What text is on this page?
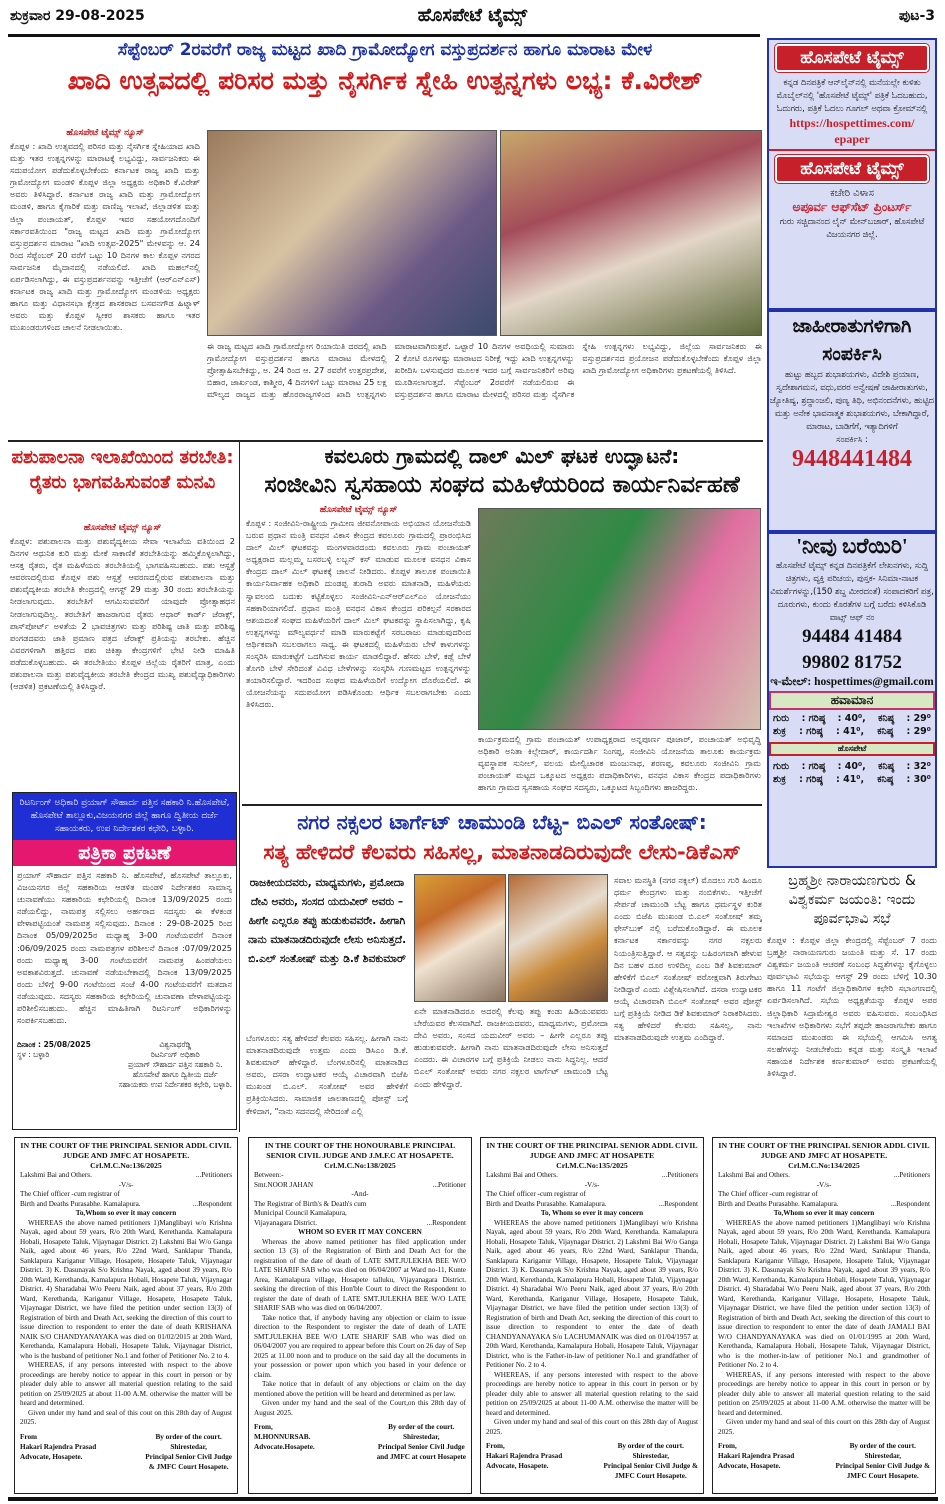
ಶುಕ್ರವಾರ 29-08-2025	ಹೊಸಪೇಟೆ ಟೈಮ್ಸ್	ಪುಟ-3
ಸೆಪ್ಟೆಂಬರ್ 2ರವರೆಗೆ ರಾಜ್ಯ ಮಟ್ಟದ ಖಾದಿ ಗ್ರಾಮೋದ್ಯೋಗ ವಸ್ತುಪ್ರದರ್ಶನ ಹಾಗೂ ಮಾರಾಟ ಮೇಳ
ಖಾದಿ ಉತ್ಸವದಲ್ಲಿ ಪರಿಸರ ಮತ್ತು ನೈಸರ್ಗಿಕ ಸ್ನೇಹಿ ಉತ್ಪನ್ನಗಳು ಲಭ್ಯ: ಕೆ.ವಿರೇಶ್
ಹೊಸಪೇಟೆ ಟೈಮ್ಸ್ ನ್ಯೂಸ್
ಕೊಪ್ಪಳ : ಖಾದಿ ಉತ್ಸವದಲ್ಲಿ ಪರಿಸರ ಮತ್ತು ನೈಸರ್ಗಿಕ ಸ್ನೇಹಿಯಾದ ಖಾದಿ ಮತ್ತು ಇತರ ಉತ್ಪನ್ನಗಳನ್ನು ಮಾರಾಟಕ್ಕೆ ಲಭ್ಯವಿದ್ದು, ಸಾರ್ವಜನಿಕರು ಈ ಸದುಪಯೋಗ ಪಡೆದುಕೊಳ್ಳಬೇಕೆಂದು ಕರ್ನಾಟಕ ರಾಜ್ಯ ಖಾದಿ ಮತ್ತು ಗ್ರಾಮೋದ್ಯೋಗ ಮಂಡಳಿ ಕೊಪ್ಪಳ ಜಿಲ್ಲಾ ಅಧ್ಯಕ್ಷರು ಅಧಿಕಾರಿ ಕೆ.ವಿರೇಶ್ ಅವರು ತಿಳಿಸಿದ್ದಾರೆ. ಕರ್ನಾಟಕ ರಾಜ್ಯ ಖಾದಿ ಮತ್ತು ಗ್ರಾಮೋದ್ಯೋಗ ಮಂಡಳಿ, ಹಾಗೂ ಕೈಗಾರಿಕೆ ಮತ್ತು ವಾಣಿಜ್ಯ ಇಲಾಖೆ, ಜಿಲ್ಲಾಡಳಿತ ಮತ್ತು ಜಿಲ್ಲಾ ಪಂಚಾಯತ್, ಕೊಪ್ಪಳ ಇವರ ಸಹಯೋಗದೊಂದಿಗೆ ಸರ್ಕಾರವತಿಯಿಂದ "ರಾಜ್ಯ ಮಟ್ಟದ ಖಾದಿ ಮತ್ತು ಗ್ರಾಮೋದ್ಯೋಗ ವಸ್ತುಪ್ರದರ್ಶನ ಮಾರಾಟ "ಖಾದಿ ಉತ್ಸವ-2025" ಮೇಳವನ್ನು ಆ. 24 ರಿಂದ ಸೆಪ್ಟೆಂಬರ್ 20 ವರೆಗೆ ಒಟ್ಟು 10 ದಿನಗಳ ಕಾಲ ಕೊಪ್ಪಳ ನಗರದ ಸಾರ್ವಜನಿಕ ಮೈದಾನದಲ್ಲಿ ನಡೆಯಲಿದೆ. ಖಾದಿ ಮಹಲ್‌ನಲ್ಲಿ ಏರ್ಪಡಿಸಲಾಗಿದ್ದು, ಈ ವಸ್ತುಪ್ರದರ್ಶನವನ್ನು ಇತ್ತೀಚೆಗೆ (ಆರ್‌ಎನ್‌ಎಸ್) ಕರ್ನಾಟಕ ರಾಜ್ಯ ಖಾದಿ ಮತ್ತು ಗ್ರಾಮೋದ್ಯೋಗ ಮಂಡಳಿಯ ಅಧ್ಯಕ್ಷರು ಹಾಗೂ ಮತ್ತು ವಿಧಾನಸಭಾ ಕ್ಷೇತ್ರದ ಶಾಸಕರಾದ ಬಸವನಗೌಡ ಹಿಟ್ನಾಳ್ ಅವರು ಮತ್ತು ಕೊಪ್ಪಳ ಸ್ವೀಕರ ಶಾಸಕರು ಹಾಗೂ ಇತರ ಮುಖಂಡರುಗಳಿಂದ ಚಾಲನೆ ನೀಡಲಾಯಿತು.
ಈ ರಾಜ್ಯ ಮಟ್ಟದ ಖಾದಿ ಗ್ರಾಮೋದ್ಯೋಗ ರಿಯಾಯಿತಿ ದರದಲ್ಲಿ ಖಾದಿ ಗ್ರಾಮೋದ್ಯೋಗ ವಸ್ತುಪ್ರದರ್ಶನ ಹಾಗೂ ಮಾರಾಟ ಮೇಳದಲ್ಲಿ ಪ್ರೋತ್ಸಾಹಿಸಬೇಕಿದ್ದು, ಅ. 24 ರಿಂದ ಆ. 27 ರವರೆಗೆ ಉತ್ತರಪ್ರದೇಶ, ಬಿಹಾರ, ಜಾರ್ಖಂಡ, ಕಾಶ್ಮೀರ, 4 ದಿನಗಳಿಗೆ ಒಟ್ಟು ಮಾರಾಟ 25 ಲಕ್ಷ ಮೌಲ್ಯದ ರಾಜ್ಯದ ಮತ್ತು ಹೊರರಾಜ್ಯಗಳಿಂದ ಖಾದಿ ಉತ್ಪನ್ನಗಳು ಮಾರಾಟವಾಗಿರುತ್ತವೆ. ಒಟ್ಟಾರೆ 10 ದಿನಗಳ ಅವಧಿಯಲ್ಲಿ ಸುಮಾರು 2 ಕೋಟಿ ರೂಗಳಷ್ಟು ಮಾರಾಟದ ನಿರೀಕ್ಷೆ ಇದ್ದು ಖಾದಿ ಉತ್ಪನ್ನಗಳನ್ನು ಖರೀದಿಸಿ ಬಳಸುವುದರ ಮೂಲಕ ಇದರ ಬಗ್ಗೆ ಸಾರ್ವಜನಿಕರಿಗೆ ಅರಿವು ಮೂಡಿಸಲಾಗುತ್ತದೆ. ಸೆಪ್ಟೆಂಬರ್ 2ರವರೆಗೆ ನಡೆಯಲಿರುವ ಈ ವಸ್ತುಪ್ರದರ್ಶನ ಹಾಗೂ ಮಾರಾಟ ಮೇಳದಲ್ಲಿ ಪರಿಸರ ಮತ್ತು ನೈಸರ್ಗಿಕ ಸ್ನೇಹಿ ಉತ್ಪನ್ನಗಳು ಲಭ್ಯವಿದ್ದು, ಜಿಲ್ಲೆಯ ಸಾರ್ವಜನಿಕರು ಈ ವಸ್ತುಪ್ರದರ್ಶನದ ಪ್ರಯೋಜನ ಪಡೆದುಕೊಳ್ಳಬೇಕೆಂದು ಕೊಪ್ಪಳ ಜಿಲ್ಲಾ ಖಾದಿ ಗ್ರಾಮೋದ್ಯೋಗ ಅಧಿಕಾರಿಗಳು ಪ್ರಕಟಣೆಯಲ್ಲಿ ತಿಳಿಸಿದೆ.
ಪಶುಪಾಲನಾ ಇಲಾಖೆಯಿಂದ ತರಬೇತಿ: ರೈತರು ಭಾಗವಹಿಸುವಂತೆ ಮನವಿ
ಹೊಸಪೇಟೆ ಟೈಮ್ಸ್ ನ್ಯೂಸ್
ಕೊಪ್ಪಳ: ಪಶುಪಾಲನಾ ಮತ್ತು ಪಶುವೈದ್ಯಕೀಯ ಸೇವಾ ಇಲಾಖೆಯ ವತಿಯಿಂದ 2 ದಿನಗಳ ಆಧುನಿಕ ಕುರಿ ಮತ್ತು ಮೇಕೆ ಸಾಕಾಣಿಕೆ ತರಬೇತಿಯನ್ನು ಹಮ್ಮಿಕೊಳ್ಳಲಾಗಿದ್ದು, ಆಸಕ್ತ ರೈತರು, ರೈತ ಮಹಿಳೆಯರು ತರಬೇತಿಯಲ್ಲಿ ಭಾಗವಹಿಸಬಹುದು. ಪಶು ಆಸ್ಪತ್ರೆ ಆವರಣದಲ್ಲಿರುವ ಕೊಪ್ಪಳ ಪಶು ಆಸ್ಪತ್ರೆ ಆವರಣದಲ್ಲಿರುವ ಪಶುಪಾಲನಾ ಮತ್ತು ಪಶುವೈದ್ಯಕೀಯ ತರಬೇತಿ ಕೇಂದ್ರದಲ್ಲಿ ಆಗಸ್ಟ್ 29 ಮತ್ತು 30 ರಂದು ತರಬೇತಿಯನ್ನು ನೀಡಲಾಗುವುದು. ತರಬೇತಿಗೆ ಆಗಮಿಸುವವರಿಗೆ ಯಾವುದೇ ಪ್ರೋತ್ಸಾಹಧನ ನೀಡಲಾಗುವುದಿಲ್ಲ. ತರಬೇತಿಗೆ ಹಾಜರಾಗುವ ರೈತರು ಆಧಾರ್ ಕಾರ್ಡ್ ಜೆರಾಕ್ಸ್, ಪಾಸ್‌ಪೋರ್ಟ್ ಅಳತೆಯ 2 ಭಾವಚಿತ್ರಗಳು ಮತ್ತು ಪರಿಶಿಷ್ಟ ಜಾತಿ ಮತ್ತು ಪರಿಶಿಷ್ಟ ಪಂಗಡದವರು ಜಾತಿ ಪ್ರಮಾಣ ಪತ್ರದ ಜೆರಾಕ್ಸ್ ಪ್ರತಿಯನ್ನು ತರಬೇಕು. ಹೆಚ್ಚಿನ ವಿವರಗಳಿಗಾಗಿ ಹತ್ತಿರದ ಪಶು ಚಿಕಿತ್ಸಾ ಕೇಂದ್ರಗಳಿಗೆ ಭೇಟಿ ನೀಡಿ ಮಾಹಿತಿ ಪಡೆದುಕೊಳ್ಳಬಹುದು. ಈ ತರಬೇತಿಯು ಕೊಪ್ಪಳ ಜಿಲ್ಲೆಯ ರೈತರಿಗೆ ಮಾತ್ರ, ಎಂದು ಪಶುಪಾಲನಾ ಮತ್ತು ಪಶುವೈದ್ಯಕೀಯ ತರಬೇತಿ ಕೇಂದ್ರದ ಮುಖ್ಯ ಪಶುವೈದ್ಯಾಧಿಕಾರಿಗಳು (ಆಡಳಿತ) ಪ್ರಕಟಣೆಯಲ್ಲಿ ತಿಳಿಸಿದ್ದಾರೆ.
ರಿಟರ್ನಿಂಗ್ ಅಧಿಕಾರಿ ಪ್ರಯಾಗ್ ಸೌಹಾರ್ದ ಪತ್ತಿನ ಸಹಕಾರಿ ನಿ.ಹೊಸಪೇಟೆ, ಹೊಸಪೇಟೆ ತಾಲ್ಲೂಕು,ವಿಜಯನಗರ ಜಿಲ್ಲೆ ಹಾಗೂ ದ್ವಿತೀಯ ದರ್ಜೆ ಸಹಾಯಕರು, ಉಪ ನಿರ್ದೇಶಕರ ಕಛೇರಿ, ಬಳ್ಳಾರಿ.
ಪತ್ರಿಕಾ ಪ್ರಕಟಣೆ
ಪ್ರಯಾಗ್ ಸೌಹಾರ್ದ ಪತ್ತಿನ ಸಹಕಾರಿ ನಿ. ಹೊಸಪೇಟೆ, ಹೊಸಪೇಟೆ ತಾಲ್ಲೂಕು, ವಿಜಯನಗರ ಜಿಲ್ಲೆ ಸಹಕಾರಿಯ ಆಡಳಿತ ಮಂಡಳಿ ನಿರ್ದೇಶಕರ ಸಾಮಾನ್ಯ ಚುನಾವಣೆಯು ಸಹಕಾರಿಯ ಕಛೇರಿಯಲ್ಲಿ ದಿನಾಂಕ 13/09/2025 ರಂದು ನಡೆಯಲಿದ್ದು, ನಾಮಪತ್ರ ಸಲ್ಲಿಸಲು ಅರ್ಹರಾದ ಸದಸ್ಯರು ಈ ಕೆಳಕಂಡ ವೇಳಾಪಟ್ಟಿಯಂತೆ ನಾಮಪತ್ರ ಸಲ್ಲಿಸುವುದು. ದಿನಾಂಕ : 29-08-2025 ರಿಂದ ದಿನಾಂಕ 05/09/2025ರ ಮಧ್ಯಾಹ್ನ 3-00 ಗಂಟೆಯವರೆಗೆ ದಿನಾಂಕ :06/09/2025 ರಂದು ನಾಮಪತ್ರಗಳ ಪರಿಶೀಲನೆ ದಿನಾಂಕ :07/09/2025 ರಂದು ಮಧ್ಯಾಹ್ನ 3-00 ಗಂಟೆಯವರೆಗೆ ನಾಮಪತ್ರ ಹಿಂಪಡೆಯಲು ಅವಕಾಶವಿರುತ್ತದೆ. ಚುನಾವಣೆ ನಡೆಯಬೇಕಾದಲ್ಲಿ ದಿನಾಂಕ 13/09/2025 ರಂದು ಬೆಳಿಗ್ಗೆ 9-00 ಗಂಟೆಯಿಂದ ಸಂಜೆ 4-00 ಗಂಟೆಯವರೆಗೆ ಮತದಾನ ನಡೆಯುವುದು. ಸದಸ್ಯರು ಸಹಕಾರಿಯ ಕಛೇರಿಯಲ್ಲಿ ಚುನಾವಣಾ ವೇಳಾಪಟ್ಟಿಯನ್ನು ಪರಿಶೀಲಿಸಬಹುದು. ಹೆಚ್ಚಿನ ಮಾಹಿತಿಗಾಗಿ ರಿಟರ್ನಿಂಗ್ ಅಧಿಕಾರಿಗಳನ್ನು ಸಂಪರ್ಕಿಸಬಹುದು.
ದಿನಾಂಕ : 25/08/2025
ಸ್ಥಳ : ಬಳ್ಳಾರಿ
ವಿಶ್ವನಾಥರೆಡ್ಡಿ
ರಿಟರ್ನಿಂಗ್ ಅಧಿಕಾರಿ
ಪ್ರಯಾಗ್ ಸೌಹಾರ್ದ ಪತ್ತಿನ ಸಹಕಾರಿ ನಿ.
ಹೊಸಪೇಟೆ ಹಾಗೂ ದ್ವಿತೀಯ ದರ್ಜೆ
ಸಹಾಯಕರು ಉಪ ನಿರ್ದೇಶಕರ ಕಛೇರಿ, ಬಳ್ಳಾರಿ.
ಕವಲೂರು ಗ್ರಾಮದಲ್ಲಿ ದಾಲ್ ಮಿಲ್ ಘಟಕ ಉದ್ಘಾಟನೆ:
ಸಂಜೀವಿನಿ ಸ್ವಸಹಾಯ ಸಂಘದ ಮಹಿಳೆಯರಿಂದ ಕಾರ್ಯನಿರ್ವಹಣೆ
ಹೊಸಪೇಟೆ ಟೈಮ್ಸ್ ನ್ಯೂಸ್
ಕೊಪ್ಪಳ : ಸಂಜೀವಿನಿ-ರಾಷ್ಟ್ರೀಯ ಗ್ರಾಮೀಣ ಜೀವನೋಪಾಯ ಅಭಿಯಾನ ಯೋಜನೆಯಡಿ ಬರುವ ಪ್ರಧಾನ ಮಂತ್ರಿ ವನಧನ ವಿಕಾಸ ಕೇಂದ್ರದ ಕವಲೂರು ಗ್ರಾಮದಲ್ಲಿ ಪ್ರಾರಂಭಿಸಿದ ದಾಲ್ ಮಿಲ್ ಘಟಕವನ್ನು ಮಂಗಳವಾರದಂದು ಕವಲೂರು ಗ್ರಾಮ ಪಂಚಾಯತ್ ಅಧ್ಯಕ್ಷರಾದ ಮಲ್ಲಮ್ಮ ಬಸರಬಳ್ಳಿ ಲಬ್ಬನ್ ಕಸ್ ಮಾಡುವ ಮೂಲಕ ವನಧನ ವಿಕಾಸ ಕೇಂದ್ರದ ದಾಲ್ ಮಿಲ್ ಘಟಕಕ್ಕೆ ಚಾಲನೆ ನೀಡಿದರು. ಕೊಪ್ಪಳ ತಾಲೂಕ ಪಂಚಾಯಿತಿ ಕಾರ್ಯನಿರ್ವಾಹಕ ಅಧಿಕಾರಿ ದುಂಡಪ್ಪ ತುರಾದಿ ಅವರು ಮಾತನಾಡಿ, ಮಹಿಳೆಯರು ಸ್ವಾವಲಂಬಿ ಬದುಕು ಕಟ್ಟಿಕೊಳ್ಳಲು ಸಂಜೀವಿನಿ-ಎನ್‌ಆರ್‌ಎಲ್‌ಎಂ ಯೋಜನೆಯು ಸಹಕಾರಿಯಾಗಲಿದೆ. ಪ್ರಧಾನ ಮಂತ್ರಿ ವನಧನ ವಿಕಾಸ ಕೇಂದ್ರದ ಪರಿಕಲ್ಪನೆ ಸರಕಾರದ ಆಶಯದಂತೆ ಸಂಘದ ಮಹಿಳೆಯರಿಗೆ ದಾಲ್ ಮಿಲ್ ಘಟಕವನ್ನು ಸ್ಥಾಪಿಸಲಾಗಿದ್ದು, ಕೃಷಿ ಉತ್ಪನ್ನಗಳನ್ನು ಮೌಲ್ಯವರ್ಧನೆ ಮಾಡಿ ಮಾರುಕಟ್ಟೆಗೆ ಸರಬರಾಜು ಮಾಡುವುದರಿಂದ ಆರ್ಥಿಕವಾಗಿ ಸಬಲರಾಗಲು ಸಾಧ್ಯ. ಈ ಘಟಕದಲ್ಲಿ ಮಹಿಳೆಯರು ಬೇಳೆ ಕಾಳುಗಳನ್ನು ಸಂಸ್ಕರಿಸಿ ಮಾರುಕಟ್ಟೆಗೆ ಒದಗಿಸುವ ಕಾರ್ಯ ಮಾಡಲಿದ್ದಾರೆ. ಹೆಸರು ಬೇಳೆ, ಕಡ್ಲೆ ಬೇಳೆ ತೊಗರಿ ಬೇಳೆ ಸೇರಿದಂತೆ ವಿವಿಧ ಬೇಳೆಗಳನ್ನು ಸಂಸ್ಕರಿಸಿ ಗುಣಮಟ್ಟದ ಉತ್ಪನ್ನಗಳನ್ನು ತಯಾರಿಸಲಿದ್ದಾರೆ. ಇದರಿಂದ ಸಂಘದ ಮಹಿಳೆಯರಿಗೆ ಉದ್ಯೋಗ ದೊರೆಯಲಿದೆ. ಈ ಯೋಜನೆಯನ್ನು ಸದುಪಯೋಗ ಪಡಿಸಿಕೊಂಡು ಆರ್ಥಿಕ ಸಬಲರಾಗಬೇಕು ಎಂದು ತಿಳಿಸಿದರು.
ಕಾರ್ಯಕ್ರಮದಲ್ಲಿ ಗ್ರಾಮ ಪಂಚಾಯತ್ ಉಪಾಧ್ಯಕ್ಷರಾದ ಅನ್ನಪೂರ್ಣ ಪೂಜಾರ್, ಪಂಚಾಯತ್ ಅಭಿವೃದ್ಧಿ ಅಧಿಕಾರಿ ಅನಿತಾ ಕಿಲ್ಲೇದಾರ್, ಕಾರ್ಯದರ್ಶಿ ನಿಂಗಪ್ಪ, ಸಂಜೀವಿನಿ ಯೋಜನೆಯ ತಾಲೂಕು ಕಾರ್ಯಕ್ರಮ ವ್ಯವಸ್ಥಾಪಕ ಸುನೀಲ್, ವಲಯ ಮೇಲ್ವಿಚಾರಕ ಮಂಜುನಾಥ, ಶರಣಪ್ಪ, ಕವಲೂರು ಸಂಜೀವಿನಿ ಗ್ರಾಮ ಪಂಚಾಯತ್ ಮಟ್ಟದ ಒಕ್ಕೂಟದ ಅಧ್ಯಕ್ಷರು ಪದಾಧಿಕಾರಿಗಳು, ವನಧನ ವಿಕಾಸ ಕೇಂದ್ರದ ಪದಾಧಿಕಾರಿಗಳು ಹಾಗೂ ಗ್ರಾಮದ ಸ್ವಸಹಾಯ ಸಂಘದ ಸದಸ್ಯರು, ಒಕ್ಕೂಟದ ಸಿಬ್ಬಂದಿಗಳು ಹಾಜರಿದ್ದರು.
ನಗರ ನಕ್ಸಲರ ಟಾರ್ಗೆಟ್ ಚಾಮುಂಡಿ ಬೆಟ್ಟ- ಬಿಎಲ್ ಸಂತೋಷ್:
ಸತ್ಯ ಹೇಳಿದರೆ ಕೆಲವರು ಸಹಿಸಲ್ಲ, ಮಾತನಾಡದಿರುವುದೇ ಲೇಸು-ಡಿಕೆಎಸ್
ರಾಜಕೀಯದವರು, ಮಾಧ್ಯಮಗಳು, ಪ್ರಮೋದಾ ದೇವಿ ಅವರು, ಸಂಸದ ಯದುವೀರ್ ಅವರು – ಹೀಗೇ ಎಲ್ಲರೂ ತಪ್ಪು ಹುಡುಕುವವರೇ. ಹೀಗಾಗಿ ನಾನು ಮಾತನಾಡದಿರುವುದೇ ಲೇಸು ಅನಿಸುತ್ತದೆ.
ಬಿ.ಎಲ್ ಸಂತೋಷ್ ಮತ್ತು ಡಿ.ಕೆ ಶಿವಕುಮಾರ್
ಬೆಂಗಳೂರು: ಸತ್ಯ ಹೇಳಿದರೆ ಕೆಲವರು ಸಹಿಸಲ್ಲ. ಹೀಗಾಗಿ ನಾನು ಮಾತನಾಡದಿರುವುದೇ ಉತ್ತಮ ಎಂದು ಡಿಸಿಎಂ ಡಿ.ಕೆ. ಶಿವಕುಮಾರ್ ಹೇಳಿದ್ದಾರೆ. ಬೆಂಗಳೂರಿನಲ್ಲಿ ಮಾತನಾಡಿದ ಅವರು, ದಸರಾ ಉದ್ಘಾಟಕರ ಆಯ್ಕೆ ವಿಚಾರವಾಗಿ ಬಿಜೆಪಿ ಮುಖಂಡ ಬಿ.ಎಲ್. ಸಂತೋಷ್ ಅವರ ಹೇಳಿಕೆಗೆ ಪ್ರತಿಕ್ರಿಯಿಸಿದರು. ಸಾಮಾಜಿಕ ಜಾಲತಾಣದಲ್ಲಿ ಪೋಸ್ಟ್ ಬಗ್ಗೆ ಕೇಳಿದಾಗ, "ನಾನು ಸದನದಲ್ಲಿ ಸೇರಿದಂತೆ ಎಲ್ಲಿ
ಏನೇ ಮಾತನಾಡಿದರೂ ಅದರಲ್ಲಿ ಕೆಲವು ತಪ್ಪು ಕಂಡು ಹಿಡಿಯುವವರು ಬೇರೆಯವರ ಕೆಲಸವಾಗಿದೆ. ರಾಜಕೀಯದವರು, ಮಾಧ್ಯಮಗಳು, ಪ್ರಮೋದಾ ದೇವಿ ಅವರು, ಸಂಸದ ಯದುವೀರ್ ಅವರು – ಹೀಗೇ ಎಲ್ಲರೂ ತಪ್ಪು ಹುಡುಕುವವರೇ. ಹೀಗಾಗಿ ನಾನು ಮಾತನಾಡದಿರುವುದೇ ಲೇಸು ಅನಿಸುತ್ತದೆ ಎಂದರು. ಈ ವಿಚಾರಗಳ ಬಗ್ಗೆ ಪ್ರತಿಕ್ರಿಯೆ ನೀಡಲು ನಾನು ಸಿದ್ಧನಿಲ್ಲ. ಆದರೆ ಬಿಎಲ್ ಸಂತೋಷ್ ಅವರು ನಗರ ನಕ್ಸಲರ ಟಾರ್ಗೆಟ್ ಚಾಮುಂಡಿ ಬೆಟ್ಟ ಎಂದು ಹೇಳಿದ್ದಾರೆ.
ಸವಾಲ ಮನಸ್ಥಿತಿ (ನಗರ ನಕ್ಸಲ್) ಮೊದಲು ಗುರಿ ಹಿಂದೂ ಧರ್ಮ ಕೇಂದ್ರಗಳು ಮತ್ತು ನಂಬಿಕೆಗಳು. ಇತ್ತೀಚೆಗೆ ಸೇರ್ಪಡೆ ಚಾಮುಂಡಿ ಬೆಟ್ಟ ಹಾಗೂ ಧರ್ಮಸ್ಥಳ ಕುರಿತ ಎಂದು ಬಿಜೆಪಿ ಮುಖಂಡ ಬಿ.ಎಲ್ ಸಂತೋಷ್ ತಮ್ಮ ಫೇಸ್‌ಬುಕ್ ನಲ್ಲಿ ಬರೆದುಕೊಂಡಿದ್ದಾರೆ. ಈ ಮೂಲಕ ಕರ್ನಾಟಕ ಸರ್ಕಾರವನ್ನು ನಗರ ನಕ್ಸಲರು ನಿಯಂತ್ರಿಸುತ್ತಿದ್ದಾರೆ. ಆ ಸತ್ಯವನ್ನು ಬಹಿರಂಗವಾಗಿ ಹೇಳುವ ದಿನ ಬಹಳ ದೂರ ಉಳಿದಿಲ್ಲ ಎಂಬ ಡಿಕೆ ಶಿವಕುಮಾರ್ ಹೇಳಿಕೆಗೆ ಬಿಎಲ್ ಸಂತೋಷ್ ಪರೋಕ್ಷವಾಗಿ ತಿರುಗೇಟು ನೀಡಿದ್ದಾರೆ ಎಂದು ವಿಶ್ಲೇಷಿಸಲಾಗಿದೆ. ದಸರಾ ಉದ್ಘಾಟಕರ ಆಯ್ಕೆ ವಿಚಾರವಾಗಿ ಬಿಎಲ್ ಸಂತೋಷ್ ಅವರ ಪೋಸ್ಟ್ ಬಗ್ಗೆ ಪ್ರತಿಕ್ರಿಯೆ ನೀಡಿದ ಡಿಕೆ ಶಿವಕುಮಾರ್ ನಿರಾಕರಿಸಿದರು. ಸತ್ಯ ಹೇಳಿದರೆ ಕೆಲವರು ಸಹಿಸಲ್ಲ, ನಾನು ಮಾತನಾಡದಿರುವುದೇ ಉತ್ತಮ ಎಂದಿದ್ದಾರೆ.
ಹೊಸಪೇಟೆ ಟೈಮ್ಸ್

ಕನ್ನಡ ದಿನಪತ್ರಿಕೆ ಆನ್‌ಲೈನ್‌ನಲ್ಲಿ ಮನೆಯಲ್ಲೇ ಕುಳಿತು ಮೊಬೈಲ್‌ನಲ್ಲಿ 'ಹೊಸಪೇಟೆ ಟೈಮ್ಸ್' ಪತ್ರಿಕೆ ಓದಬಹುದು, ಓದುಗರು, ಪತ್ರಿಕೆ ಓದಲು ಗೂಗಲ್ ಅಥವಾ ಕ್ರೋಮ್‌ನಲ್ಲಿ

https://hospettimes.com/
epaper
ಹೊಸಪೇಟೆ ಟೈಮ್ಸ್

ಕಚೇರಿ ವಿಳಾಸ

ಅಪೂರ್ವ ಆಫ್‌ಸೆಟ್ ಪ್ರಿಂಟರ್ಸ್

ಗುರು ಸಚ್ಚಿದಾನಂದ ಲೈನ್ ಮೇನ್‌ಬಜಾರ್, ಹೊಸಪೇಟೆ ವಿಜಯನಗರ ಜಿಲ್ಲೆ.

ಜಾಹೀರಾತುಗಳಿಗಾಗಿ
ಸಂಪರ್ಕಿಸಿ

ಹುಟ್ಟು ಹಬ್ಬದ ಶುಭಾಶಯಗಳು, ವಿದೇಶಿ ಪ್ರಯಾಣ, ಸ್ವದೇಶಾಗಮನ, ವಧು,ವರರ ಅನ್ವೇಷಣೆ ಜಾಹೀರಾತುಗಳು, ಜ್ಯೋತಿಷ್ಯ, ಶ್ರದ್ಧಾಂಜಲಿ, ಪುಣ್ಯ ತಿಥಿ, ಅಭಿನಂದನೆಗಳು, ಹುಟ್ಟಿದ ಮತ್ತು ಅನೇಕ ಭಾವನಾತ್ಮಕ ಶುಭಾಶಯಗಳು, ಬೇಕಾಗಿದ್ದಾರೆ, ಮಾರಾಟ, ಬಾಡಿಗೆಗೆ, ಇತ್ಯಾದಿಗಳಿಗೆ

ಸಂಪರ್ಕಿಸಿ :

9448441484
'ನೀವು ಬರೆಯಿರಿ'

ಹೊಸಪೇಟೆ ಟೈಮ್ಸ್ ಕನ್ನಡ ದಿನಪತ್ರಿಕೆಗೆ ಲೇಖನಗಳು, ಸುದ್ದಿ ಚಿತ್ರಗಳು, ವ್ಯಕ್ತಿ ಪರಿಚಯ, ಪುಸ್ತಕ- ಸಿನಿಮಾ-ನಾಟಕ ವಿಮರ್ಶೆಗಳನ್ನು,(150 ಶಬ್ದ ಮೀರದಂತೆ) ಸಂಪಾದಕರಿಗೆ ಪತ್ರ, ದೂರುಗಳು, ಕುಂದು ಕೊರತೆಗಳ ಬಗ್ಗೆ ಬರೆದು ಕಳಿಸಿಕೊಡಿ

ವಾಟ್ಸ್ ಆಫ್ ನಂ

94484 41484
99802 81752
ಇ-ಮೇಲ್: hospettimes@gmail.com
ಹವಾಮಾನ
ಗುರು : ಗರಿಷ್ಠ : 40⁰, ಕನಿಷ್ಠ : 29⁰
ಶುಕ್ರ : ಗರಿಷ್ಠ : 41⁰, ಕನಿಷ್ಠ : 29⁰
ಹೊಸಪೇಟೆ
ಗುರು : ಗರಿಷ್ಠ : 40⁰, ಕನಿಷ್ಠ : 32⁰
ಶುಕ್ರ : ಗರಿಷ್ಠ : 41⁰, ಕನಿಷ್ಠ : 30⁰
ಬ್ರಹ್ಮಶ್ರೀ ನಾರಾಯಣಗುರು & ವಿಶ್ವಕರ್ಮ ಜಯಂತಿ: ಇಂದು ಪೂರ್ವಭಾವಿ ಸಭೆ
ಕೊಪ್ಪಳ : ಕೊಪ್ಪಳ ಜಿಲ್ಲಾ ಕೇಂದ್ರದಲ್ಲಿ ಸೆಪ್ಟೆಂಬರ್ 7 ರಂದು ಬ್ರಹ್ಮಶ್ರೀ ನಾರಾಯಣಗುರು ಜಯಂತಿ ಮತ್ತು ಸೆ. 17 ರಂದು ವಿಶ್ವಕರ್ಮ ಜಯಂತಿ ಆಚರಣೆ ಸಂಬಂಧ ಸಿದ್ಧತೆಗಳನ್ನು ಕೈಗೊಳ್ಳಲು ಪೂರ್ವಭಾವಿ ಸಭೆಯನ್ನು ಆಗಸ್ಟ್ 29 ರಂದು ಬೆಳಿಗ್ಗೆ 10.30 ಹಾಗೂ 11 ಗಂಟೆಗೆ ಜಿಲ್ಲಾಧಿಕಾರಿಗಳ ಕಛೇರಿ ಸಭಾಂಗಣದಲ್ಲಿ ಏರ್ಪಡಿಸಲಾಗಿದೆ. ಸಭೆಯ ಅಧ್ಯಕ್ಷತೆಯನ್ನು ಕೊಪ್ಪಳ ಅಪರ ಜಿಲ್ಲಾಧಿಕಾರಿ ಸಿದ್ರಾಮೇಶ್ವರ ಅವರು ವಹಿಸುವರು. ಸಂಬಂಧಿಸಿದ ಇಲಾಖೆಗಳ ಅಧಿಕಾರಿಗಳು ಸಭೆಗೆ ತಪ್ಪದೇ ಹಾಜರಾಗಬೇಕು ಹಾಗೂ ಸಮಾಜದ ಮುಖಂಡರು ಈ ಸಭೆಯಲ್ಲಿ ಆಗಮಿಸಿ ಅಗತ್ಯ ಸಲಹೆಗಳನ್ನು ನೀಡಬೇಕೆಂದು ಕನ್ನಡ ಮತ್ತು ಸಂಸ್ಕೃತಿ ಇಲಾಖೆ ಸಹಾಯಕ ನಿರ್ದೇಶಕ ಕರ್ಣಕುಮಾರ್ ಅವರು ಪ್ರಕಟಣೆಯಲ್ಲಿ ತಿಳಿಸಿದ್ದಾರೆ.
IN THE COURT OF THE PRINCIPAL SENIOR ADDL CIVIL JUDGE AND JMFC AT HOSAPETE.
Crl.M.C.No:136/2025
Lakshmi Bai and Others.	...Petitioners
-V/s-
The Chief officer -cum registrar of
Birth and Deaths Purasabhe. Kamalapura.	...Respondent
To,Whom so ever it may concern

WHEREAS the above named petitioners 1)Manglibayi w/o Krishna Nayak, aged about 59 years, R/o 20th Ward, Kerethanda. Kamalapura Hobali, Hosapete Taluk, Vijaynagar District. 2) Lakshmi Bai W/o Ganga Naik, aged about 46 years, R/o 22nd Ward, Sanklapur Thanda, Sanklapura Kariganur Village, Hosapete, Hosapete Taluk, Vijaynagar District. 3) K. Dasunayak S/o Krishna Nayak, aged about 39 years, R/o 20th Ward, Kerethanda, Kamalapura Hobali, Hosapete Taluk, Vijaynagar District. 4) Sharadabai W/o Peeru Naik, aged about 37 years, R/o 20th Ward, Kerethanda, Kariganur Village, Hosapete, Hosapete Taluk, Vijaynagar District, we have filed the petition under section 13(3) of Registration of birth and Death Act, seeking the direction of this court to issue direction to respondent to enter the date of death KRISHANA NAIK S/O CHANDYANAYAKA was died on 01/02/2015 at 20th Ward, Kerethanda, Kamalapura Hobali, Hosapete Taluk, Vijaynagar District, who is the husband of petitioner No.1 and fother of Petitioner No. 2 to 4.

WHEREAS, if any persons interested with respect to the above proceedings are hereby notice to appear in this court in person or by pleader duly able to answer all material question relating to the said petition on 25/09/2025 at about 11-00 A.M. otherwise the matter will be heard and determined.

Given under my hand and seal of this cout on this 28th day of August 2025.

From
Hakari Rajendra Prasad
Advocate, Hosapete.
By order of the court.
Shirestedar,
Principal Senior Civil Judge
& JMFC Court Hosapete.
IN THE COURT OF THE HONOURABLE PRINCIPAL SENIOR CIVIL JUDGE AND J.M.F.C AT HOSAPETE.
Crl.M.C.No:138/2025
Between:-
Smt.NOOR JAHAN	...Petitioner
-And-
The Registrar of Birth's & Death's cum
Municipal Council Kamalapura,
Vijayanagara District.	...Respondent
WHOM SO EVER IT MAY CONCERN

Whereas the above named petitioner has filed application under section 13 (3) of the Registration of Birth and Death Act for the registration of the date of death of LATE SMT.JULEKHA BEE W/O LATE SHARIF SAB who was died on 06/04/2007 at Ward no-11, Kunte Area, Kamalapura village, Hosapete talluku, Vijayanagara District. seeking the direction of this Hon'ble Court to direct the Respondent to register the date of death of LATE SMT.JULEKHA BEE W/O LATE SHARIF SAB who was died on 06/04/2007.

Take notice that, if anybody having any objection or claim to issue direction to the Respondent to register the date of death of LATE SMT.JULEKHA BEE W/O LATE SHARIF SAB who was died on 06/04/2007 you are required to appear before this Court on 26 day of Sep 2025 at 11.00 noon and to produce on the said day all the documents in your possession or power upon which you based in your defence or claim.

Take notice that in default of any objections or claim on the day mentioned above the petition will be heard and determined as per law.

Given under my hand and the seal of the Court,on this 28th day of August 2025.

From,
M.HONNURSAB.
Advocate.Hosapete.
By order of the court.
Shirestedar,
Principal Senior Civil Judge
and JMFC at court Hosapete
IN THE COURT OF THE PRINCIPAL SENIOR ADDL CIVIL JUDGE AND JMFC AT HOSAPETE
Crl.M.C.No:135/2025
Lakshmi Bai and Others.	...Petitioners
-V/s-
The Chief officer -cum registrar of
Birth and Deaths Purasabhe. Kamalapura.	...Respondent
To, Whom so ever it may concern

WHEREAS the above named petitioners 1)Manglibayi w/o Krishna Nayak, aged about 59 years, R/o 20th Ward, Kerethanda. Kamalapura Hobali, Hosapete Taluk, Vijaynagar District. 2) Lakshmi Bai W/o Ganga Naik, aged about 46 years, R/o 22nd Ward, Sanklapur Thanda, Sanklapura Kariganur Village, Hosapete, Hosapete Taluk, Vijaynagar District. 3) K. Dasunayak S/o Krishna Nayak, aged about 39 years, R/o 20th Ward, Kerethanda, Kamalapura Hobali, Hosapete Taluk, Vijaynagar District. 4) Sharadabai W/o Peeru Naik, aged about 37 years, R/o 20th Ward, Kerethanda, Kariganur Village, Hosapete, Hosapete Taluk, Vijaynagar District, we have filed the petition under section 13(3) of Registration of birth and Death Act, seeking the direction of this court to issue direction to respondent to enter the date of death CHANDYANAYAKA S/o LACHUMANAIK was died on 01/04/1957 at 20th Ward, Kerethanda, Kamalapura Hobali, Hosapete Taluk, Vijaynagar District, who is the Father-in-law of petitioner No.1 and grandfather of Petitioner No. 2 to 4.

WHEREAS, if any persons interested with respect to the above proceedings are hereby notice to appear in this court in person or by pleader duly able to answer all material question relating to the said petition on 25/09/2025 at about 11-00 A.M. otherwise the matter will be heard and determined.

Given under my hand and seal of this court on this 28th day of August 2025.

From,
Hakari Rajendra Prasad
Advocate, Hosapete.
By order of the court.
Shirestedar,
Principal Senior Civil Judge &
JMFC Court Hosapete.
IN THE COURT OF THE PRINCIPAL SENIOR ADDL CIVIL JUDGE AND JMFC AT HOSAPETE.
Crl.M.C.No:134/2025
Lakshmi Bai and Others.	...Petitioners
-V/s-
The Chief officer -cum registrar of
Birth and Deaths Purasabhe. Kamalapura.	...Respondent
To,Whom so ever it may concern

WHEREAS the above named petitioners 1)Manglibayi w/o Krishna Nayak, aged about 59 years, R/o 20th Ward, Kerethanda. Kamalapura Hobali, Hosapete Taluk, Vijaynagar District. 2) Lakshmi Bai W/o Ganga Naik, aged about 46 years, R/o 22nd Ward, Sanklapur Thanda, Sanklapura Kariganur Village, Hosapete, Hosapete Taluk, Vijaynagar District. 3) K. Dasunayak S/o Krishna Nayak, aged about 39 years, R/o 20th Ward, Kerethanda, Kamalapura Hobali, Hosapete Taluk, Vijaynagar District. 4) Sharadabai W/o Peeru Naik, aged about 37 years, R/o 20th Ward, Kerethanda, Kariganur Village, Hosapete, Hosapete Taluk, Vijaynagar District, we have filed the petition under section 13(3) of Registration of birth and Death Act, seeking the direction of this court to issue direction to respondent to enter the date of death JAMALI BAI W/O CHANDYANAYAKA was died on 01/01/1995 at 20th Ward, Kerethanda, Kamalapura Hobali, Hosapete Taluk, Vijaynagar District, who is the mother-in-law of petitioner No.1 and grandmother of Petitioner No. 2 to 4.

WHEREAS, if any persons interested with respect to the above proceedings are hereby notice to appear in this court in person or by pleader duly able to answer all material question relating to the said petition on 25/09/2025 at about 11-00 A.M. otherwise the matter will be heard and determined.

Given under my hand and seal of this court on this 28th day of August 2025.

From,
Hakari Rajendra Prasad
Advocate, Hosapete.
By order of the court.
Shirestedar,
Principal Senior Civil Judge &
JMFC Court Hosapete.
